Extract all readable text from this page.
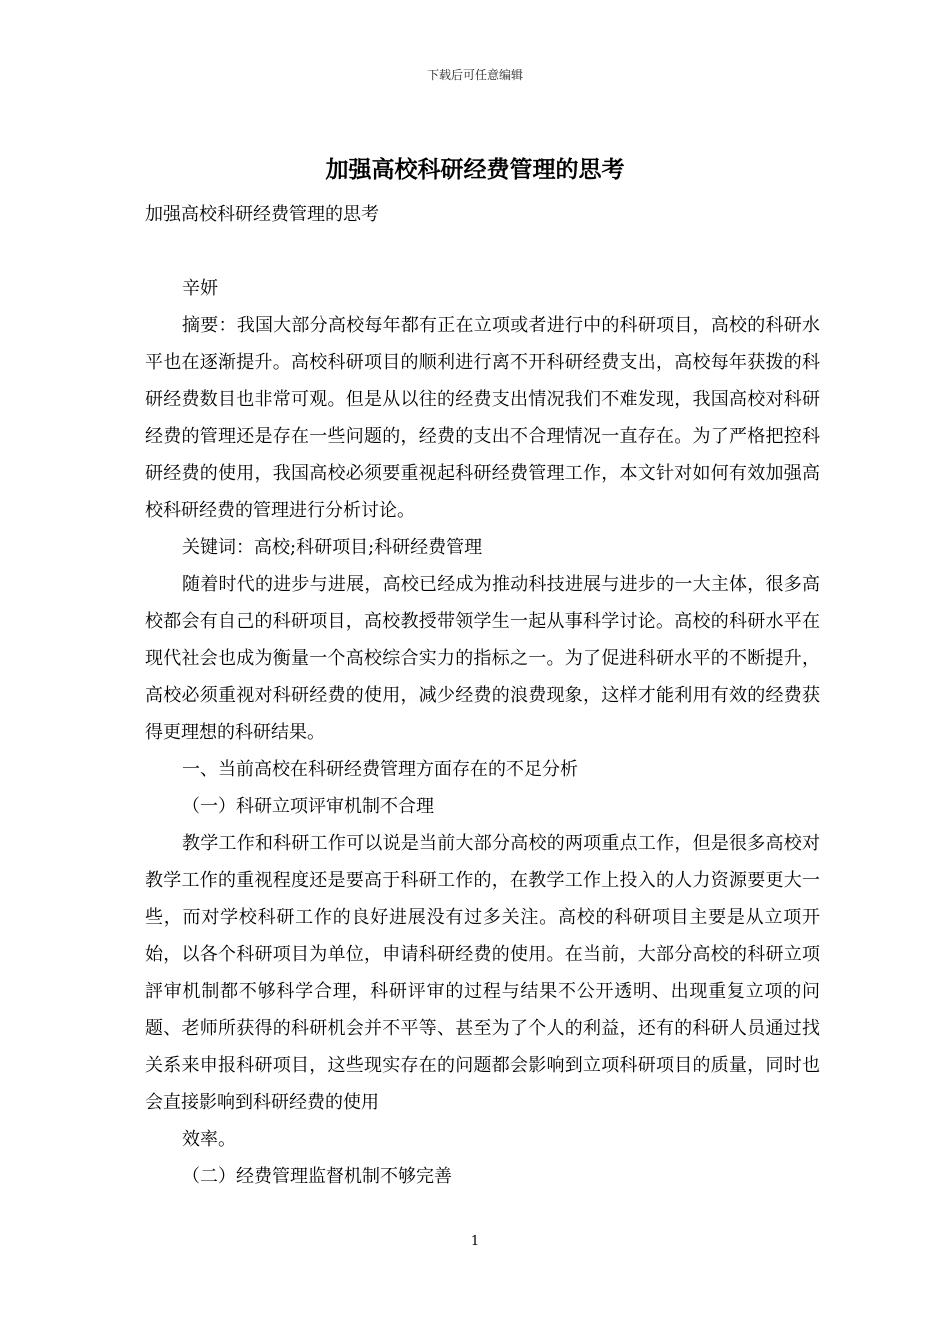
下载后可任意编辑
加强高校科研经费管理的思考

加强高校科研经费管理的思考

辛妍

摘要：我国大部分高校每年都有正在立项或者进行中的科研项目，高校的科研水平也在逐渐提升。高校科研项目的顺利进行离不开科研经费支出，高校每年获拨的科研经费数目也非常可观。但是从以往的经费支出情况我们不难发现，我国高校对科研经费的管理还是存在一些问题的，经费的支出不合理情况一直存在。为了严格把控科研经费的使用，我国高校必须要重视起科研经费管理工作，本文针对如何有效加强高校科研经费的管理进行分析讨论。

关键词：高校;科研项目;科研经费管理

随着时代的进步与进展，高校已经成为推动科技进展与进步的一大主体，很多高校都会有自己的科研项目，高校教授带领学生一起从事科学讨论。高校的科研水平在现代社会也成为衡量一个高校综合实力的指标之一。为了促进科研水平的不断提升，高校必须重视对科研经费的使用，减少经费的浪费现象，这样才能利用有效的经费获得更理想的科研结果。

一、当前高校在科研经费管理方面存在的不足分析

（一）科研立项评审机制不合理

教学工作和科研工作可以说是当前大部分高校的两项重点工作，但是很多高校对教学工作的重视程度还是要高于科研工作的，在教学工作上投入的人力资源要更大一些，而对学校科研工作的良好进展没有过多关注。高校的科研项目主要是从立项开始，以各个科研项目为单位，申请科研经费的使用。在当前，大部分高校的科研立项評审机制都不够科学合理，科研评审的过程与结果不公开透明、出现重复立项的问题、老师所获得的科研机会并不平等、甚至为了个人的利益，还有的科研人员通过找关系来申报科研项目，这些现实存在的问题都会影响到立项科研项目的质量，同时也会直接影响到科研经费的使用

效率。

（二）经费管理监督机制不够完善

1
